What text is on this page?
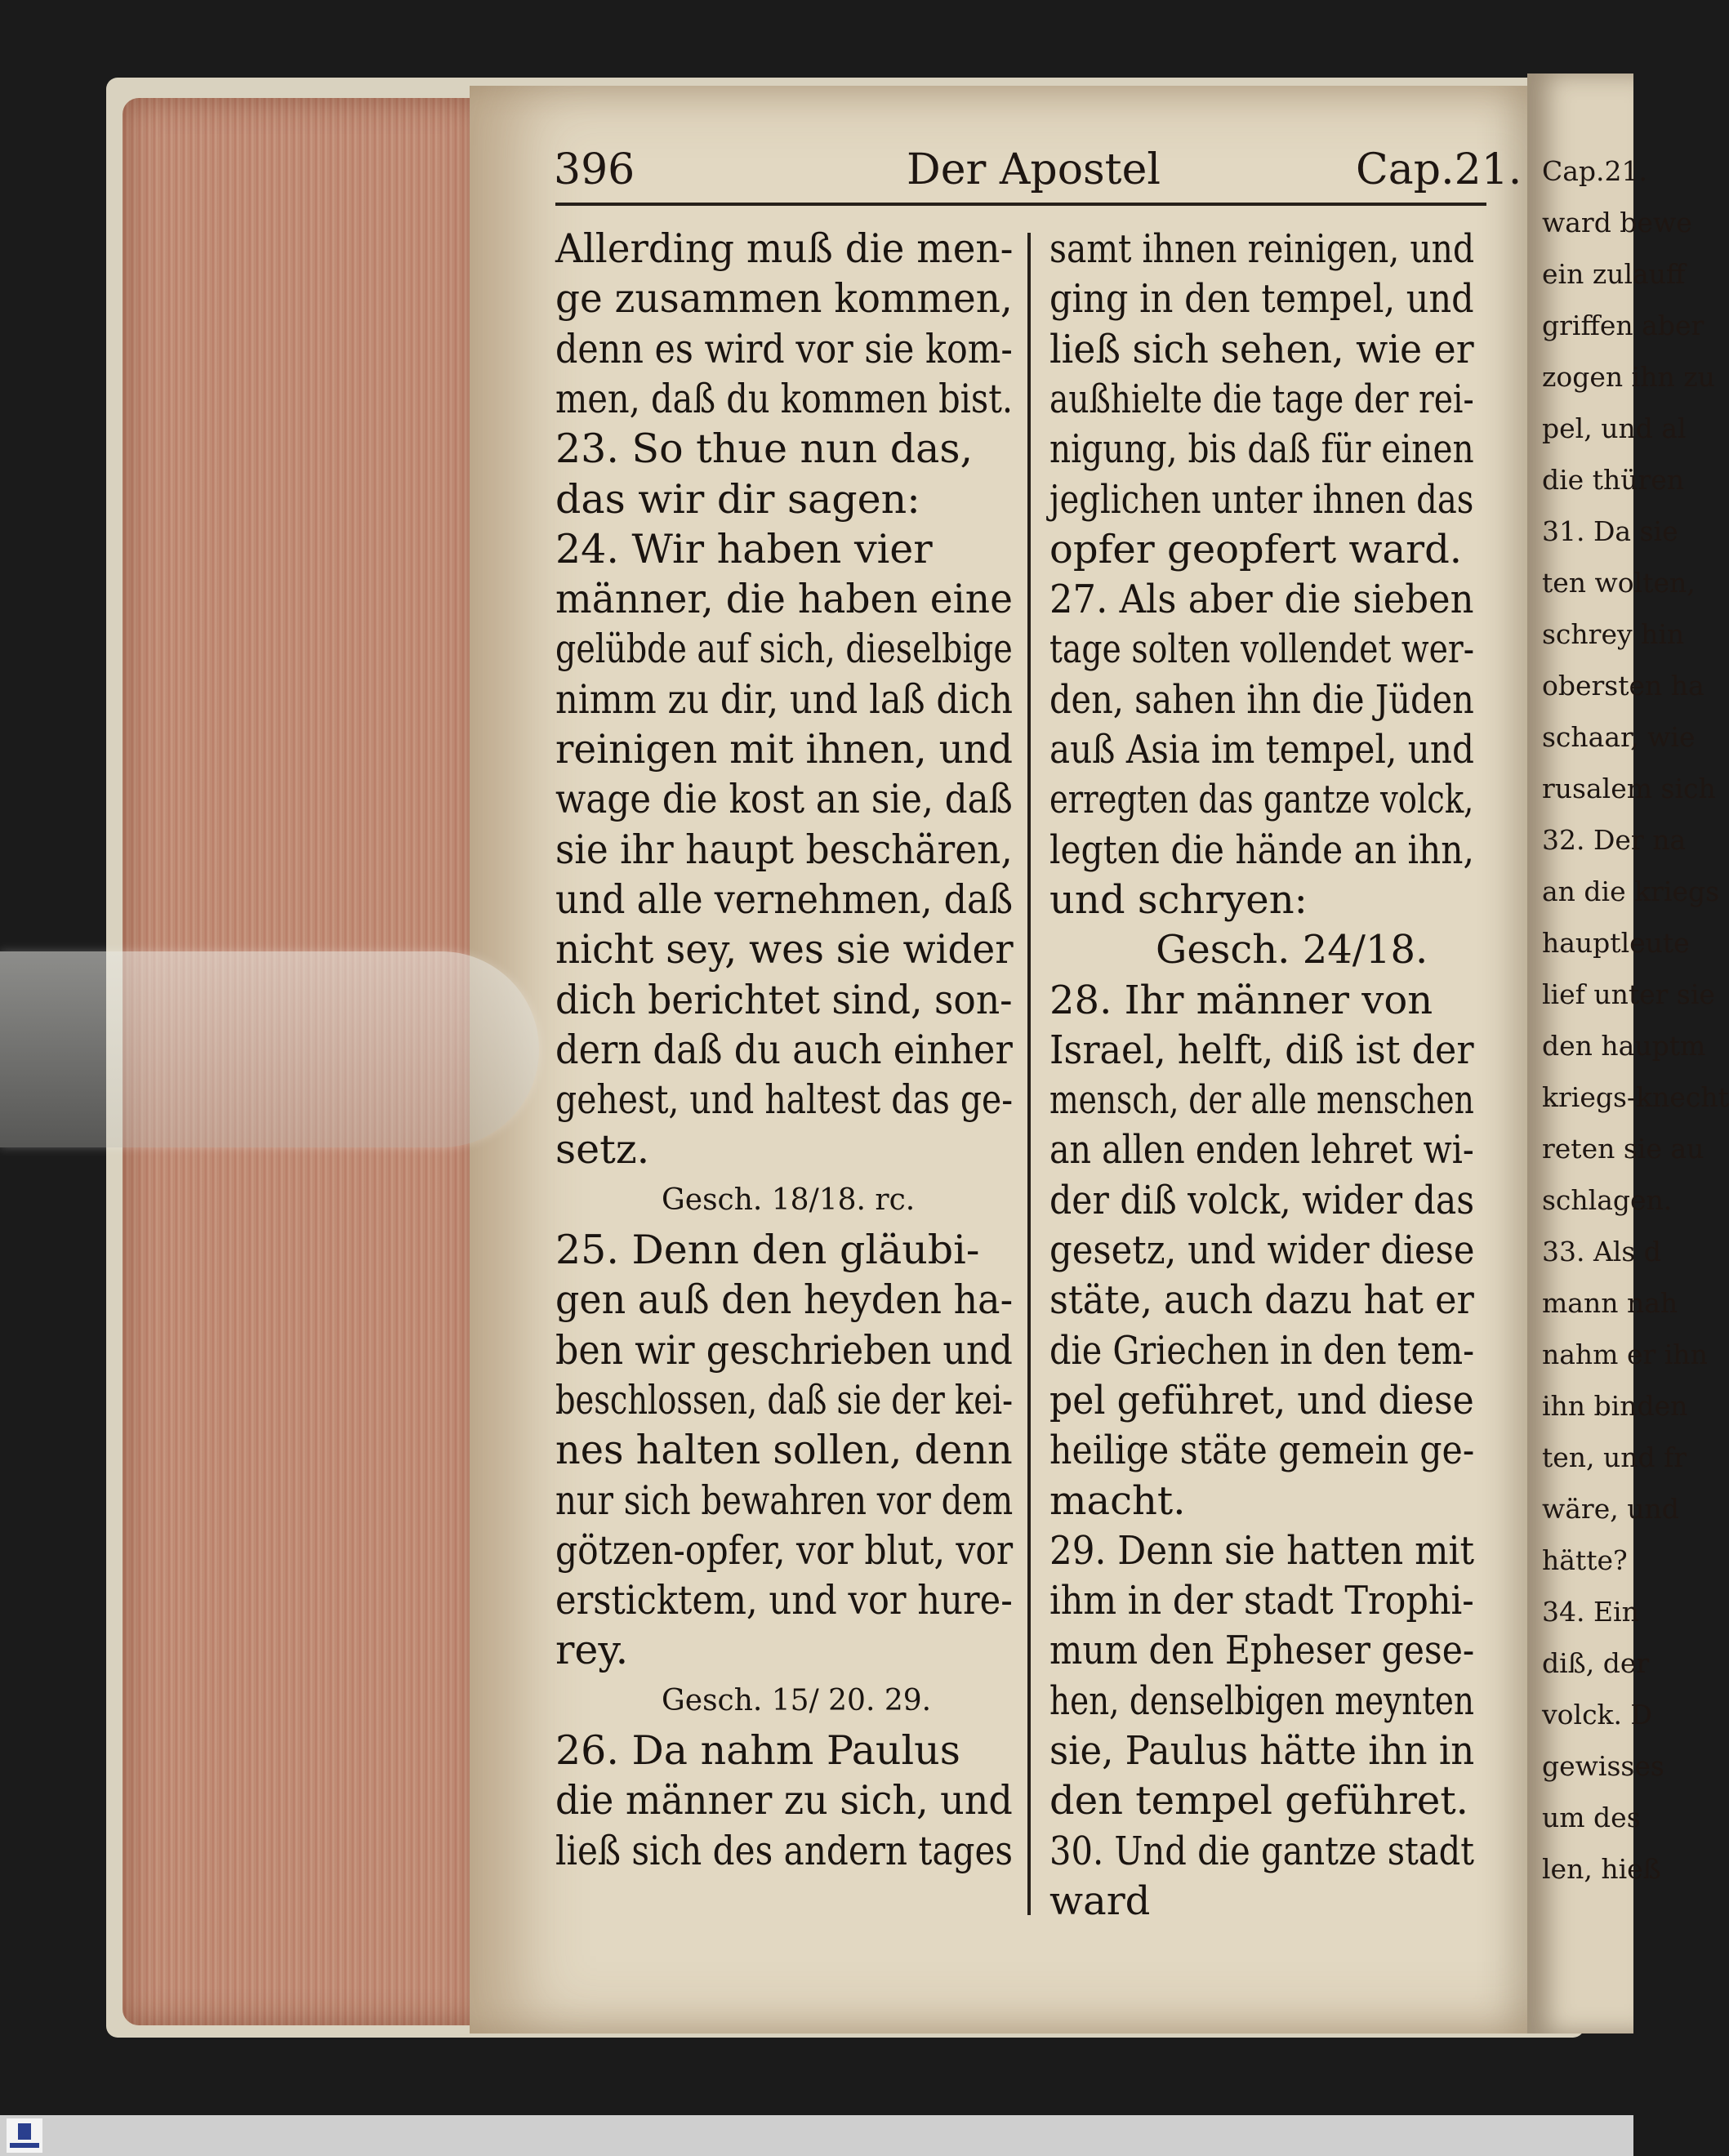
Cap.21.
ward bewe
ein zulauff
griffen aber
zogen ihn zu
pel, und al
die thüren
31. Da sie
ten wolten,
schrey hin
obersten ha
schaar, wie
rusalem sich
32. Der na
an die kriegs
hauptleute
lief unter sie
den hauptm
kriegs-knecht
reten sie au
schlagen.
33. Als d
mann nah
nahm er ihn
ihn binden
ten, und fr
wäre, und
hätte?
34. Ein
diß, der
volck. D
gewisses
um des
len, hieß
396	Der Apostel	Cap.21.
Allerding muß die men-
ge zusammen kommen,
denn es wird vor sie kom-
men, daß du kommen bist.
23. So thue nun das,
das wir dir sagen:
24. Wir haben vier
männer, die haben eine
gelübde auf sich, dieselbige
nimm zu dir, und laß dich
reinigen mit ihnen, und
wage die kost an sie, daß
sie ihr haupt beschären,
und alle vernehmen, daß
nicht sey, wes sie wider
dich berichtet sind, son-
dern daß du auch einher
gehest, und haltest das ge-
setz.
Gesch. 18/18. rc.
25. Denn den gläubi-
gen auß den heyden ha-
ben wir geschrieben und
beschlossen, daß sie der kei-
nes halten sollen, denn
nur sich bewahren vor dem
götzen-opfer, vor blut, vor
ersticktem, und vor hure-
rey.
Gesch. 15/ 20. 29.
26. Da nahm Paulus
die männer zu sich, und
ließ sich des andern tages
samt ihnen reinigen, und
ging in den tempel, und
ließ sich sehen, wie er
außhielte die tage der rei-
nigung, bis daß für einen
jeglichen unter ihnen das
opfer geopfert ward.
27. Als aber die sieben
tage solten vollendet wer-
den, sahen ihn die Jüden
auß Asia im tempel, und
erregten das gantze volck,
legten die hände an ihn,
und schryen:
Gesch. 24/18.
28. Ihr männer von
Israel, helft, diß ist der
mensch, der alle menschen
an allen enden lehret wi-
der diß volck, wider das
gesetz, und wider diese
stäte, auch dazu hat er
die Griechen in den tem-
pel geführet, und diese
heilige stäte gemein ge-
macht.
29. Denn sie hatten mit
ihm in der stadt Trophi-
mum den Epheser gese-
hen, denselbigen meynten
sie, Paulus hätte ihn in
den tempel geführet.
30. Und die gantze stadt
ward
